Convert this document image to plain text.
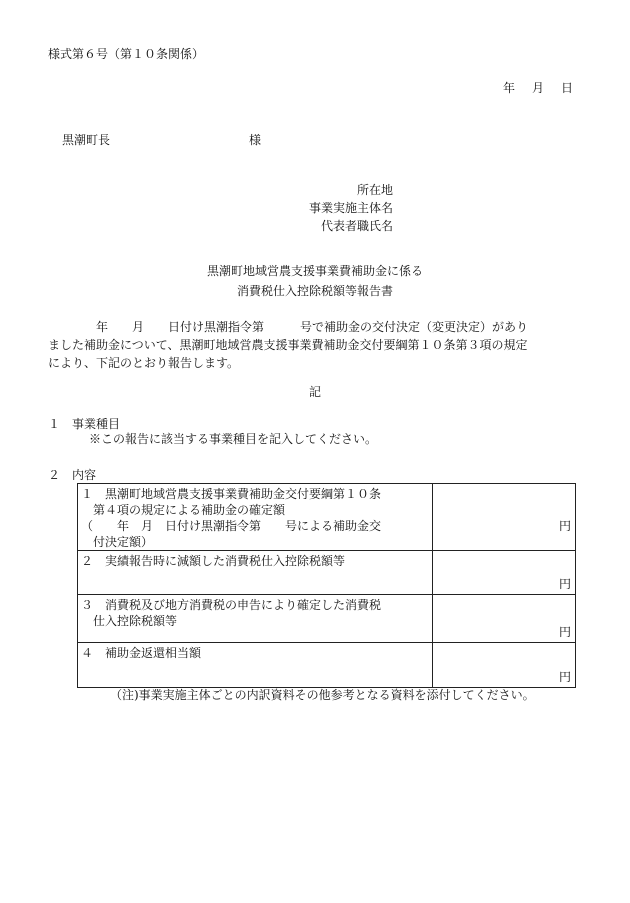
様式第６号（第１０条関係）
年 月 日
黒潮町長	様
所在地
事業実施主体名
代表者職氏名
黒潮町地域営農支援事業費補助金に係る
消費税仕入控除税額等報告書

　　　　年　　月　　日付け黒潮指令第　　　号で補助金の交付決定（変更決定）があり

ました補助金について、黒潮町地域営農支援事業費補助金交付要綱第１０条第３項の規定

により、下記のとおり報告します。

記
１　事業種目
※この報告に該当する事業種目を記入してください。
２　内容
１　黒潮町地域営農支援事業費補助金交付要綱第１０条
　第４項の規定による補助金の確定額
（　　年　月　日付け黒潮指令第　　号による補助金交
　付決定額）	円

２　実績報告時に減額した消費税仕入控除税額等	円

３　消費税及び地方消費税の申告により確定した消費税
　仕入控除税額等	円

４　補助金返還相当額	円
（注)事業実施主体ごとの内訳資料その他参考となる資料を添付してください。
